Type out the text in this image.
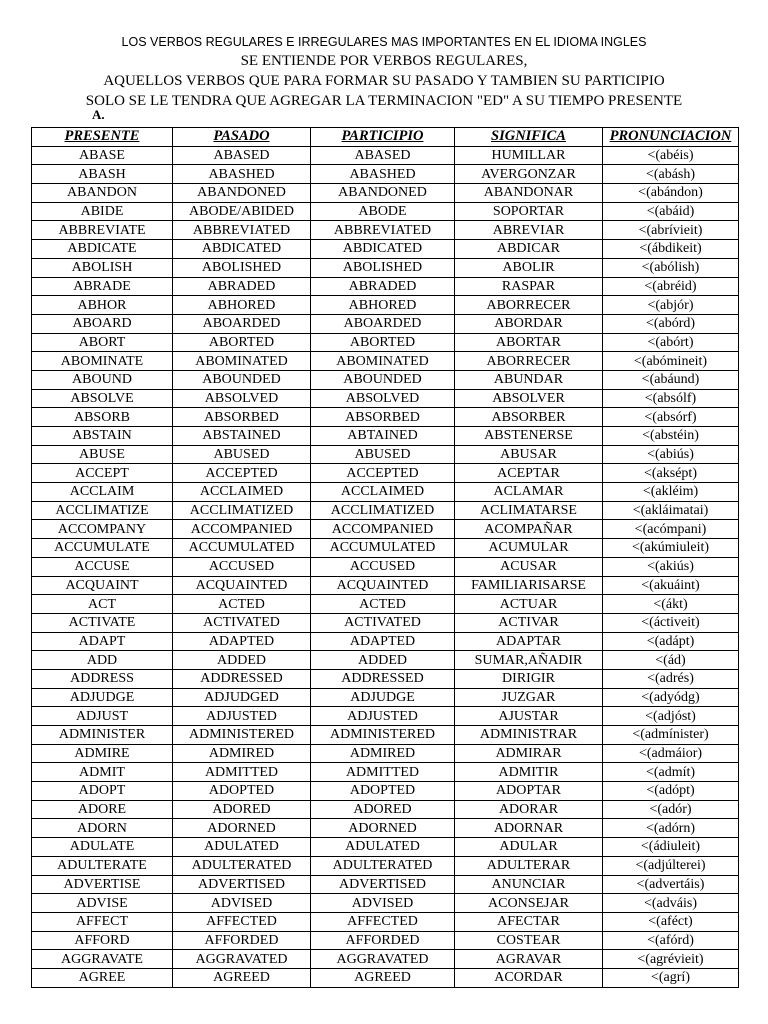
LOS VERBOS REGULARES E IRREGULARES MAS IMPORTANTES EN EL IDIOMA INGLES
SE ENTIENDE POR VERBOS REGULARES,
AQUELLOS VERBOS QUE PARA FORMAR SU PASADO Y TAMBIEN SU PARTICIPIO
SOLO SE LE TENDRA QUE AGREGAR LA TERMINACION "ED" A SU TIEMPO PRESENTE
A.
PRESENTE	PASADO	PARTICIPIO	SIGNIFICA	PRONUNCIACION
ABASE	ABASED	ABASED	HUMILLAR	<(abéis)
ABASH	ABASHED	ABASHED	AVERGONZAR	<(abásh)
ABANDON	ABANDONED	ABANDONED	ABANDONAR	<(abándon)
ABIDE	ABODE/ABIDED	ABODE	SOPORTAR	<(abáid)
ABBREVIATE	ABBREVIATED	ABBREVIATED	ABREVIAR	<(abrívieit)
ABDICATE	ABDICATED	ABDICATED	ABDICAR	<(ábdikeit)
ABOLISH	ABOLISHED	ABOLISHED	ABOLIR	<(abólish)
ABRADE	ABRADED	ABRADED	RASPAR	<(abréid)
ABHOR	ABHORED	ABHORED	ABORRECER	<(abjór)
ABOARD	ABOARDED	ABOARDED	ABORDAR	<(abórd)
ABORT	ABORTED	ABORTED	ABORTAR	<(abórt)
ABOMINATE	ABOMINATED	ABOMINATED	ABORRECER	<(abómineit)
ABOUND	ABOUNDED	ABOUNDED	ABUNDAR	<(abáund)
ABSOLVE	ABSOLVED	ABSOLVED	ABSOLVER	<(absólf)
ABSORB	ABSORBED	ABSORBED	ABSORBER	<(absórf)
ABSTAIN	ABSTAINED	ABTAINED	ABSTENERSE	<(abstéin)
ABUSE	ABUSED	ABUSED	ABUSAR	<(abiús)
ACCEPT	ACCEPTED	ACCEPTED	ACEPTAR	<(aksépt)
ACCLAIM	ACCLAIMED	ACCLAIMED	ACLAMAR	<(akléim)
ACCLIMATIZE	ACCLIMATIZED	ACCLIMATIZED	ACLIMATARSE	<(akláimatai)
ACCOMPANY	ACCOMPANIED	ACCOMPANIED	ACOMPAÑAR	<(acómpani)
ACCUMULATE	ACCUMULATED	ACCUMULATED	ACUMULAR	<(akúmiuleit)
ACCUSE	ACCUSED	ACCUSED	ACUSAR	<(akiús)
ACQUAINT	ACQUAINTED	ACQUAINTED	FAMILIARISARSE	<(akuáint)
ACT	ACTED	ACTED	ACTUAR	<(ákt)
ACTIVATE	ACTIVATED	ACTIVATED	ACTIVAR	<(áctiveit)
ADAPT	ADAPTED	ADAPTED	ADAPTAR	<(adápt)
ADD	ADDED	ADDED	SUMAR,AÑADIR	<(ád)
ADDRESS	ADDRESSED	ADDRESSED	DIRIGIR	<(adrés)
ADJUDGE	ADJUDGED	ADJUDGE	JUZGAR	<(adyódg)
ADJUST	ADJUSTED	ADJUSTED	AJUSTAR	<(adjóst)
ADMINISTER	ADMINISTERED	ADMINISTERED	ADMINISTRAR	<(admínister)
ADMIRE	ADMIRED	ADMIRED	ADMIRAR	<(admáior)
ADMIT	ADMITTED	ADMITTED	ADMITIR	<(admít)
ADOPT	ADOPTED	ADOPTED	ADOPTAR	<(adópt)
ADORE	ADORED	ADORED	ADORAR	<(adór)
ADORN	ADORNED	ADORNED	ADORNAR	<(adórn)
ADULATE	ADULATED	ADULATED	ADULAR	<(ádiuleit)
ADULTERATE	ADULTERATED	ADULTERATED	ADULTERAR	<(adjúlterei)
ADVERTISE	ADVERTISED	ADVERTISED	ANUNCIAR	<(advertáis)
ADVISE	ADVISED	ADVISED	ACONSEJAR	<(adváis)
AFFECT	AFFECTED	AFFECTED	AFECTAR	<(aféct)
AFFORD	AFFORDED	AFFORDED	COSTEAR	<(afórd)
AGGRAVATE	AGGRAVATED	AGGRAVATED	AGRAVAR	<(agrévieit)
AGREE	AGREED	AGREED	ACORDAR	<(agrí)
